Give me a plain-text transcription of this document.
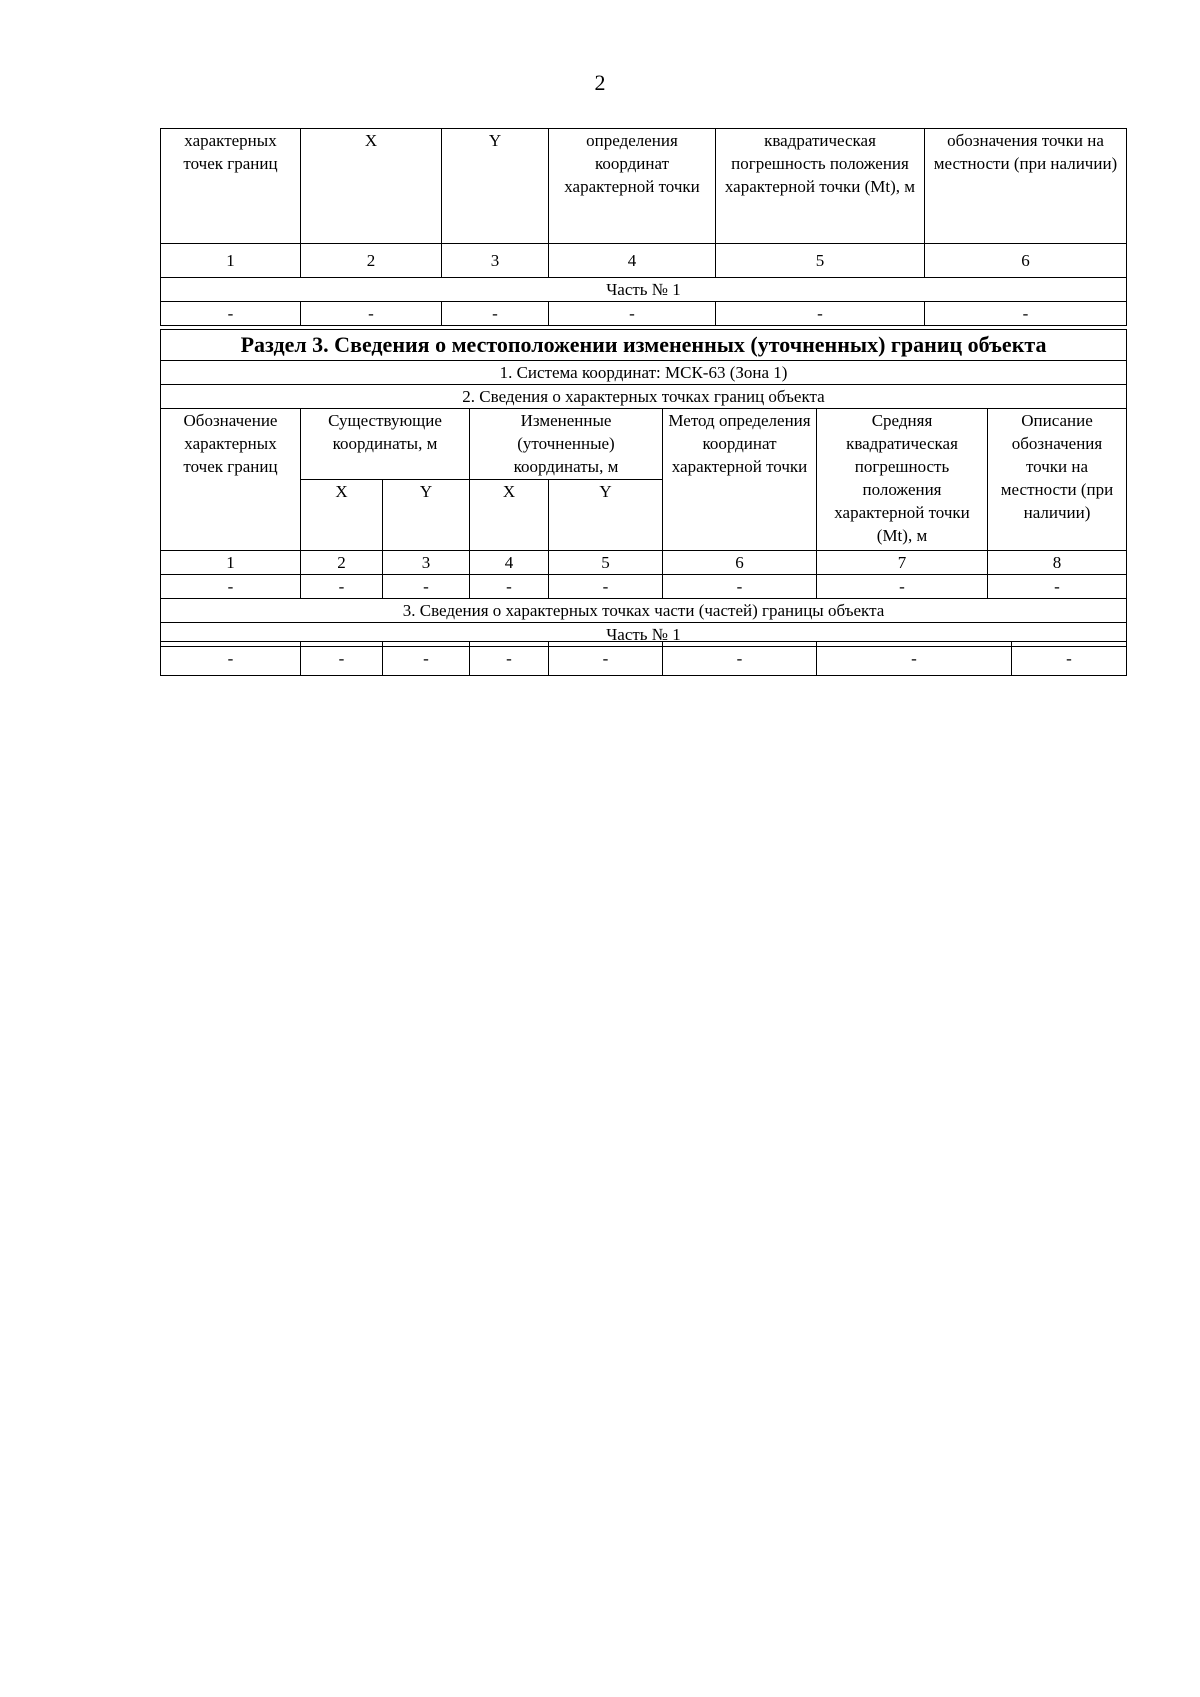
2
характерных точек границ	X	Y	определения координат характерной точки	квадратическая погрешность положения характерной точки (Mt), м	обозначения точки на местности (при наличии)
1	2	3	4	5	6
Часть № 1					
-	-	-	-	-	-
Раздел 3. Сведения о местоположении измененных (уточненных) границ объекта							
1. Система координат: МСК-63 (Зона 1)							
2. Сведения о характерных точках границ объекта							
Обозначение характерных точек границ	Существующие координаты, м		Измененные (уточненные) координаты, м		Метод определения координат характерной точки	Средняя квадратическая погрешность положения характерной точки (Mt), м	Описание обозначения точки на местности (при наличии)
	X	Y	X	Y			
1	2	3	4	5	6	7	8
-	-	-	-	-	-	-	-
3. Сведения о характерных точках части (частей) границы объекта							
Часть № 1							
-	-	-	-	-	-	-	-
